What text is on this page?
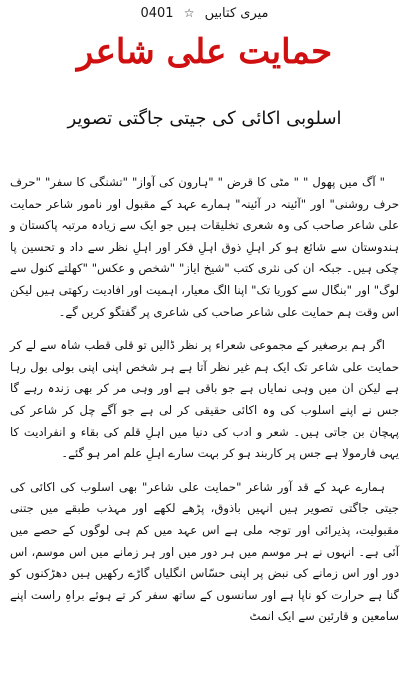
میری کتابیں ☆ 0401
حمایت علی شاعر
اسلوبی اکائی کی جیتی جاگتی تصویر

" آگ میں پھول " " مٹی کا قرض " "ہارون کی آواز" "تشنگی کا سفر" "حرف حرف روشنی" اور "آئینہ در آئینہ" ہمارے عہد کے مقبول اور نامور شاعر حمایت علی شاعر صاحب کی وہ شعری تخلیقات ہیں جو ایک سے زیادہ مرتبہ پاکستان و ہندوستان سے شائع ہو کر اہلِ ذوق اہلِ فکر اور اہلِ نظر سے داد و تحسین پا چکی ہیں۔ جبکہ ان کی نثری کتب "شیخ ایاز" "شخص و عکس" "کھلتے کنول سے لوگ" اور "بنگال سے کوریا تک" اپنا الگ معیار، اہمیت اور افادیت رکھتی ہیں لیکن اس وقت ہم حمایت علی شاعر صاحب کی شاعری پر گفتگو کریں گے۔

اگر ہم برصغیر کے مجموعی شعراء پر نظر ڈالیں تو قلی قطب شاہ سے لے کر حمایت علی شاعر تک ایک ہم غیر نظر آتا ہے ہر شخص اپنی اپنی بولی بول رہا ہے لیکن ان میں وہی نمایاں ہے جو باقی ہے اور وہی مر کر بھی زندہ رہے گا جس نے اپنے اسلوب کی وہ اکائی حقیقی کر لی ہے جو آگے چل کر شاعر کی پہچان بن جاتی ہیں۔ شعر و ادب کی دنیا میں اہلِ قلم کی بقاء و انفرادیت کا یہی فارمولا ہے جس پر کاربند ہو کر بہت سارے اہلِ علم امر ہو گئے۔

ہمارے عہد کے قد آور شاعر "حمایت علی شاعر" بھی اسلوب کی اکائی کی جیتی جاگتی تصویر ہیں انہیں باذوق، پڑھے لکھے اور مہذب طبقے میں جتنی مقبولیت، پذیرائی اور توجہ ملی ہے اس عہد میں کم ہی لوگوں کے حصے میں آئی ہے۔ انہوں نے ہر موسم میں ہر دور میں اور ہر زمانے میں اس موسم، اس دور اور اس زمانے کی نبض پر اپنی حسّاس انگلیاں گاڑے رکھیں ہیں دھڑکنوں کو گنا ہے حرارت کو ناپا ہے اور سانسوں کے ساتھ سفر کر تے ہوئے براہِ راست اپنے سامعین و قارئین سے ایک انمٹ
